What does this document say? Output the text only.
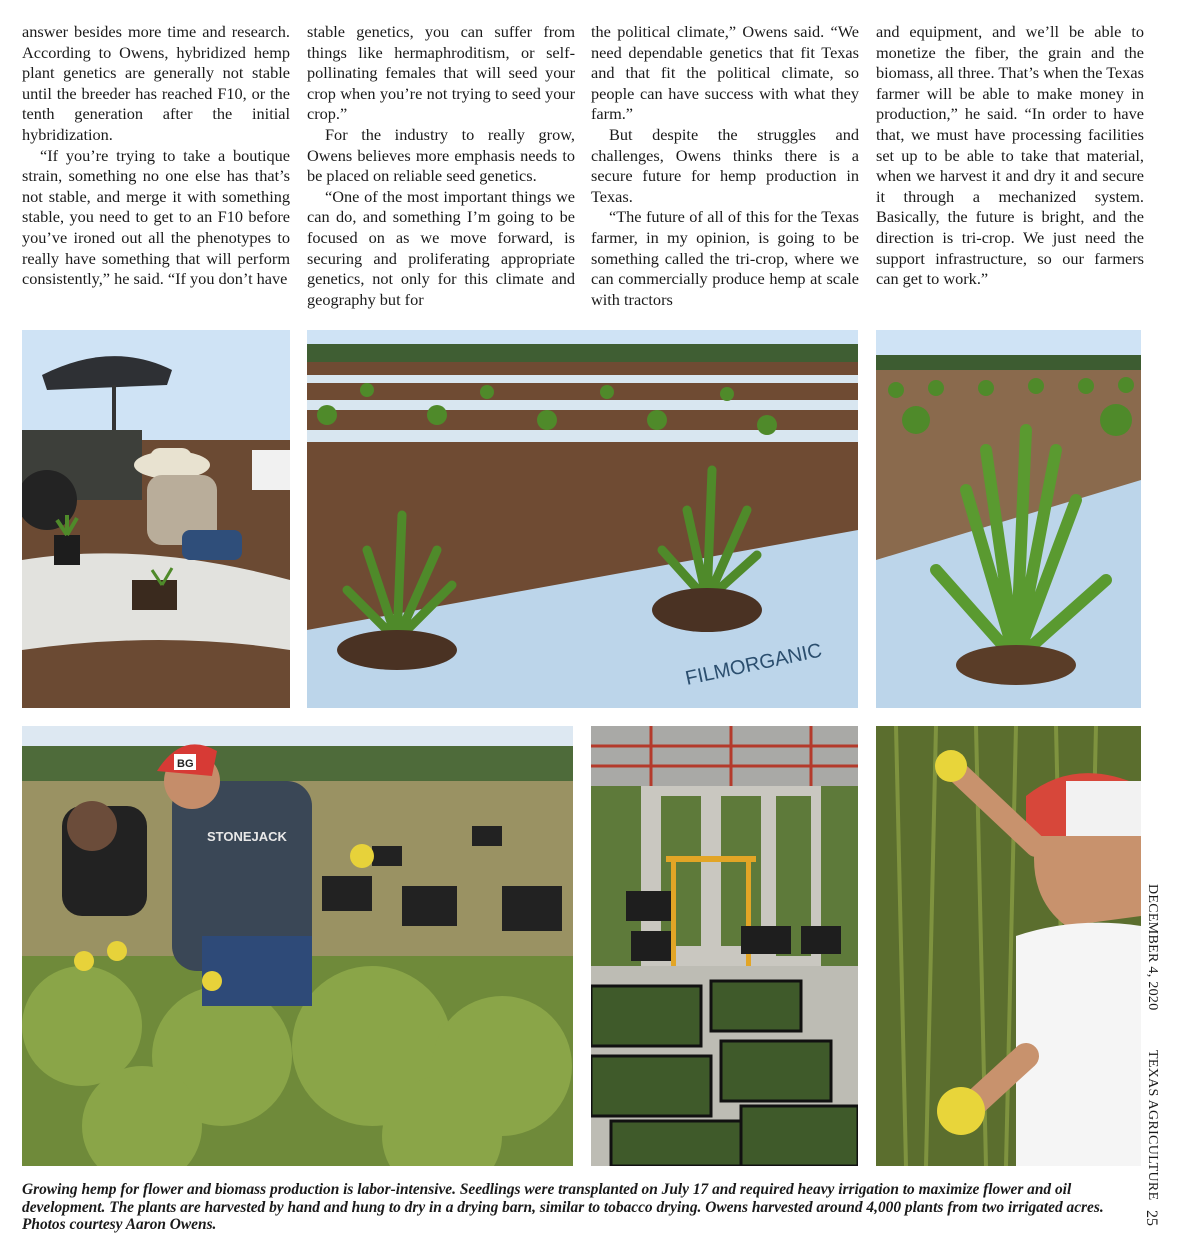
answer besides more time and research. According to Owens, hybridized hemp plant genetics are generally not stable until the breeder has reached F10, or the tenth generation after the initial hybridization.

“If you’re trying to take a boutique strain, something no one else has that’s not stable, and merge it with something stable, you need to get to an F10 before you’ve ironed out all the phenotypes to really have something that will perform consistently,” he said. “If you don’t have

stable genetics, you can suffer from things like hermaphroditism, or self-pollinating females that will seed your crop when you’re not trying to seed your crop.”

For the industry to really grow, Owens believes more emphasis needs to be placed on reliable seed genetics.

“One of the most important things we can do, and something I’m going to be focused on as we move forward, is securing and proliferating appropriate genetics, not only for this climate and geography but for

the political climate,” Owens said. “We need dependable genetics that fit Texas and that fit the political climate, so people can have success with what they farm.”

But despite the struggles and challenges, Owens thinks there is a secure future for hemp production in Texas.

“The future of all of this for the Texas farmer, in my opinion, is going to be something called the tri-crop, where we can commercially produce hemp at scale with tractors

and equipment, and we’ll be able to monetize the fiber, the grain and the biomass, all three. That’s when the Texas farmer will be able to make money in production,” he said. “In order to have that, we must have processing facilities set up to be able to take that material, when we harvest it and dry it and secure it through a mechanized system. Basically, the future is bright, and the direction is tri-crop. We just need the support infrastructure, so our farmers can get to work.”

FILMORGANIC
BG
STONEJACK

Growing hemp for flower and biomass production is labor-intensive. Seedlings were transplanted on July 17 and required heavy irrigation to maximize flower and oil development. The plants are harvested by hand and hung to dry in a drying barn, similar to tobacco drying. Owens harvested around 4,000 plants from two irrigated acres. Photos courtesy Aaron Owens.

DECEMBER 4, 2020
TEXAS AGRICULTURE
25
